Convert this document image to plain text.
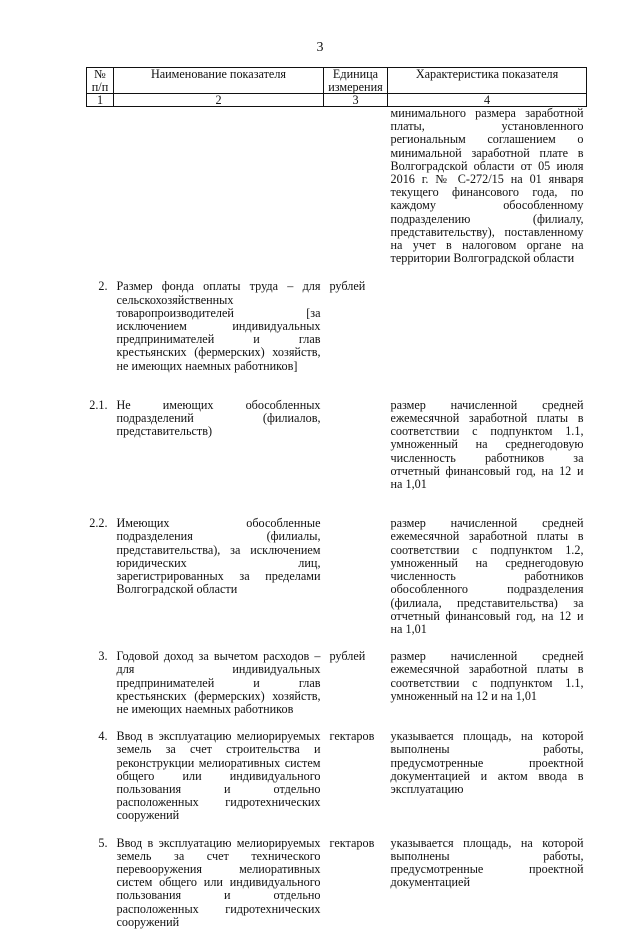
3
№ п/п	Наименование показателя	Единица измерения	Характеристика показателя
1	2	3	4
			минимального размера заработной платы, установленного региональным соглашением о минимальной заработной плате в Волгоградской области от 05 июля 2016 г. № С-272/15 на 01 января текущего финансового года, по каждому обособленному подразделению (филиалу, представительству), поставленному на учет в налоговом органе на территории Волгоградской области

2.	Размер фонда оплаты труда – для сельскохозяйственных товаропроизводителей [за исключением индивидуальных предпринимателей и глав крестьянских (фермерских) хозяйств, не имеющих наемных работников]	рублей	

2.1.	Не имеющих обособленных подразделений (филиалов, представительств)		размер начисленной средней ежемесячной заработной платы в соответствии с подпунктом 1.1, умноженный на среднегодовую численность работников за отчетный финансовый год, на 12 и на 1,01

2.2.	Имеющих обособленные подразделения (филиалы, представительства), за исключением юридических лиц, зарегистрированных за пределами Волгоградской области		размер начисленной средней ежемесячной заработной платы в соответствии с подпунктом 1.2, умноженный на среднегодовую численность работников обособленного подразделения (филиала, представительства) за отчетный финансовый год, на 12 и на 1,01

3.	Годовой доход за вычетом расходов – для индивидуальных предпринимателей и глав крестьянских (фермерских) хозяйств, не имеющих наемных работников	рублей	размер начисленной средней ежемесячной заработной платы в соответствии с подпунктом 1.1, умноженный на 12 и на 1,01

4.	Ввод в эксплуатацию мелиорируемых земель за счет строительства и реконструкции мелиоративных систем общего или индивидуального пользования и отдельно расположенных гидротехнических сооружений	гектаров	указывается площадь, на которой выполнены работы, предусмотренные проектной документацией и актом ввода в эксплуатацию

5.	Ввод в эксплуатацию мелиорируемых земель за счет технического перевооружения мелиоративных систем общего или индивидуального пользования и отдельно расположенных гидротехнических сооружений	гектаров	указывается площадь, на которой выполнены работы, предусмотренные проектной документацией
